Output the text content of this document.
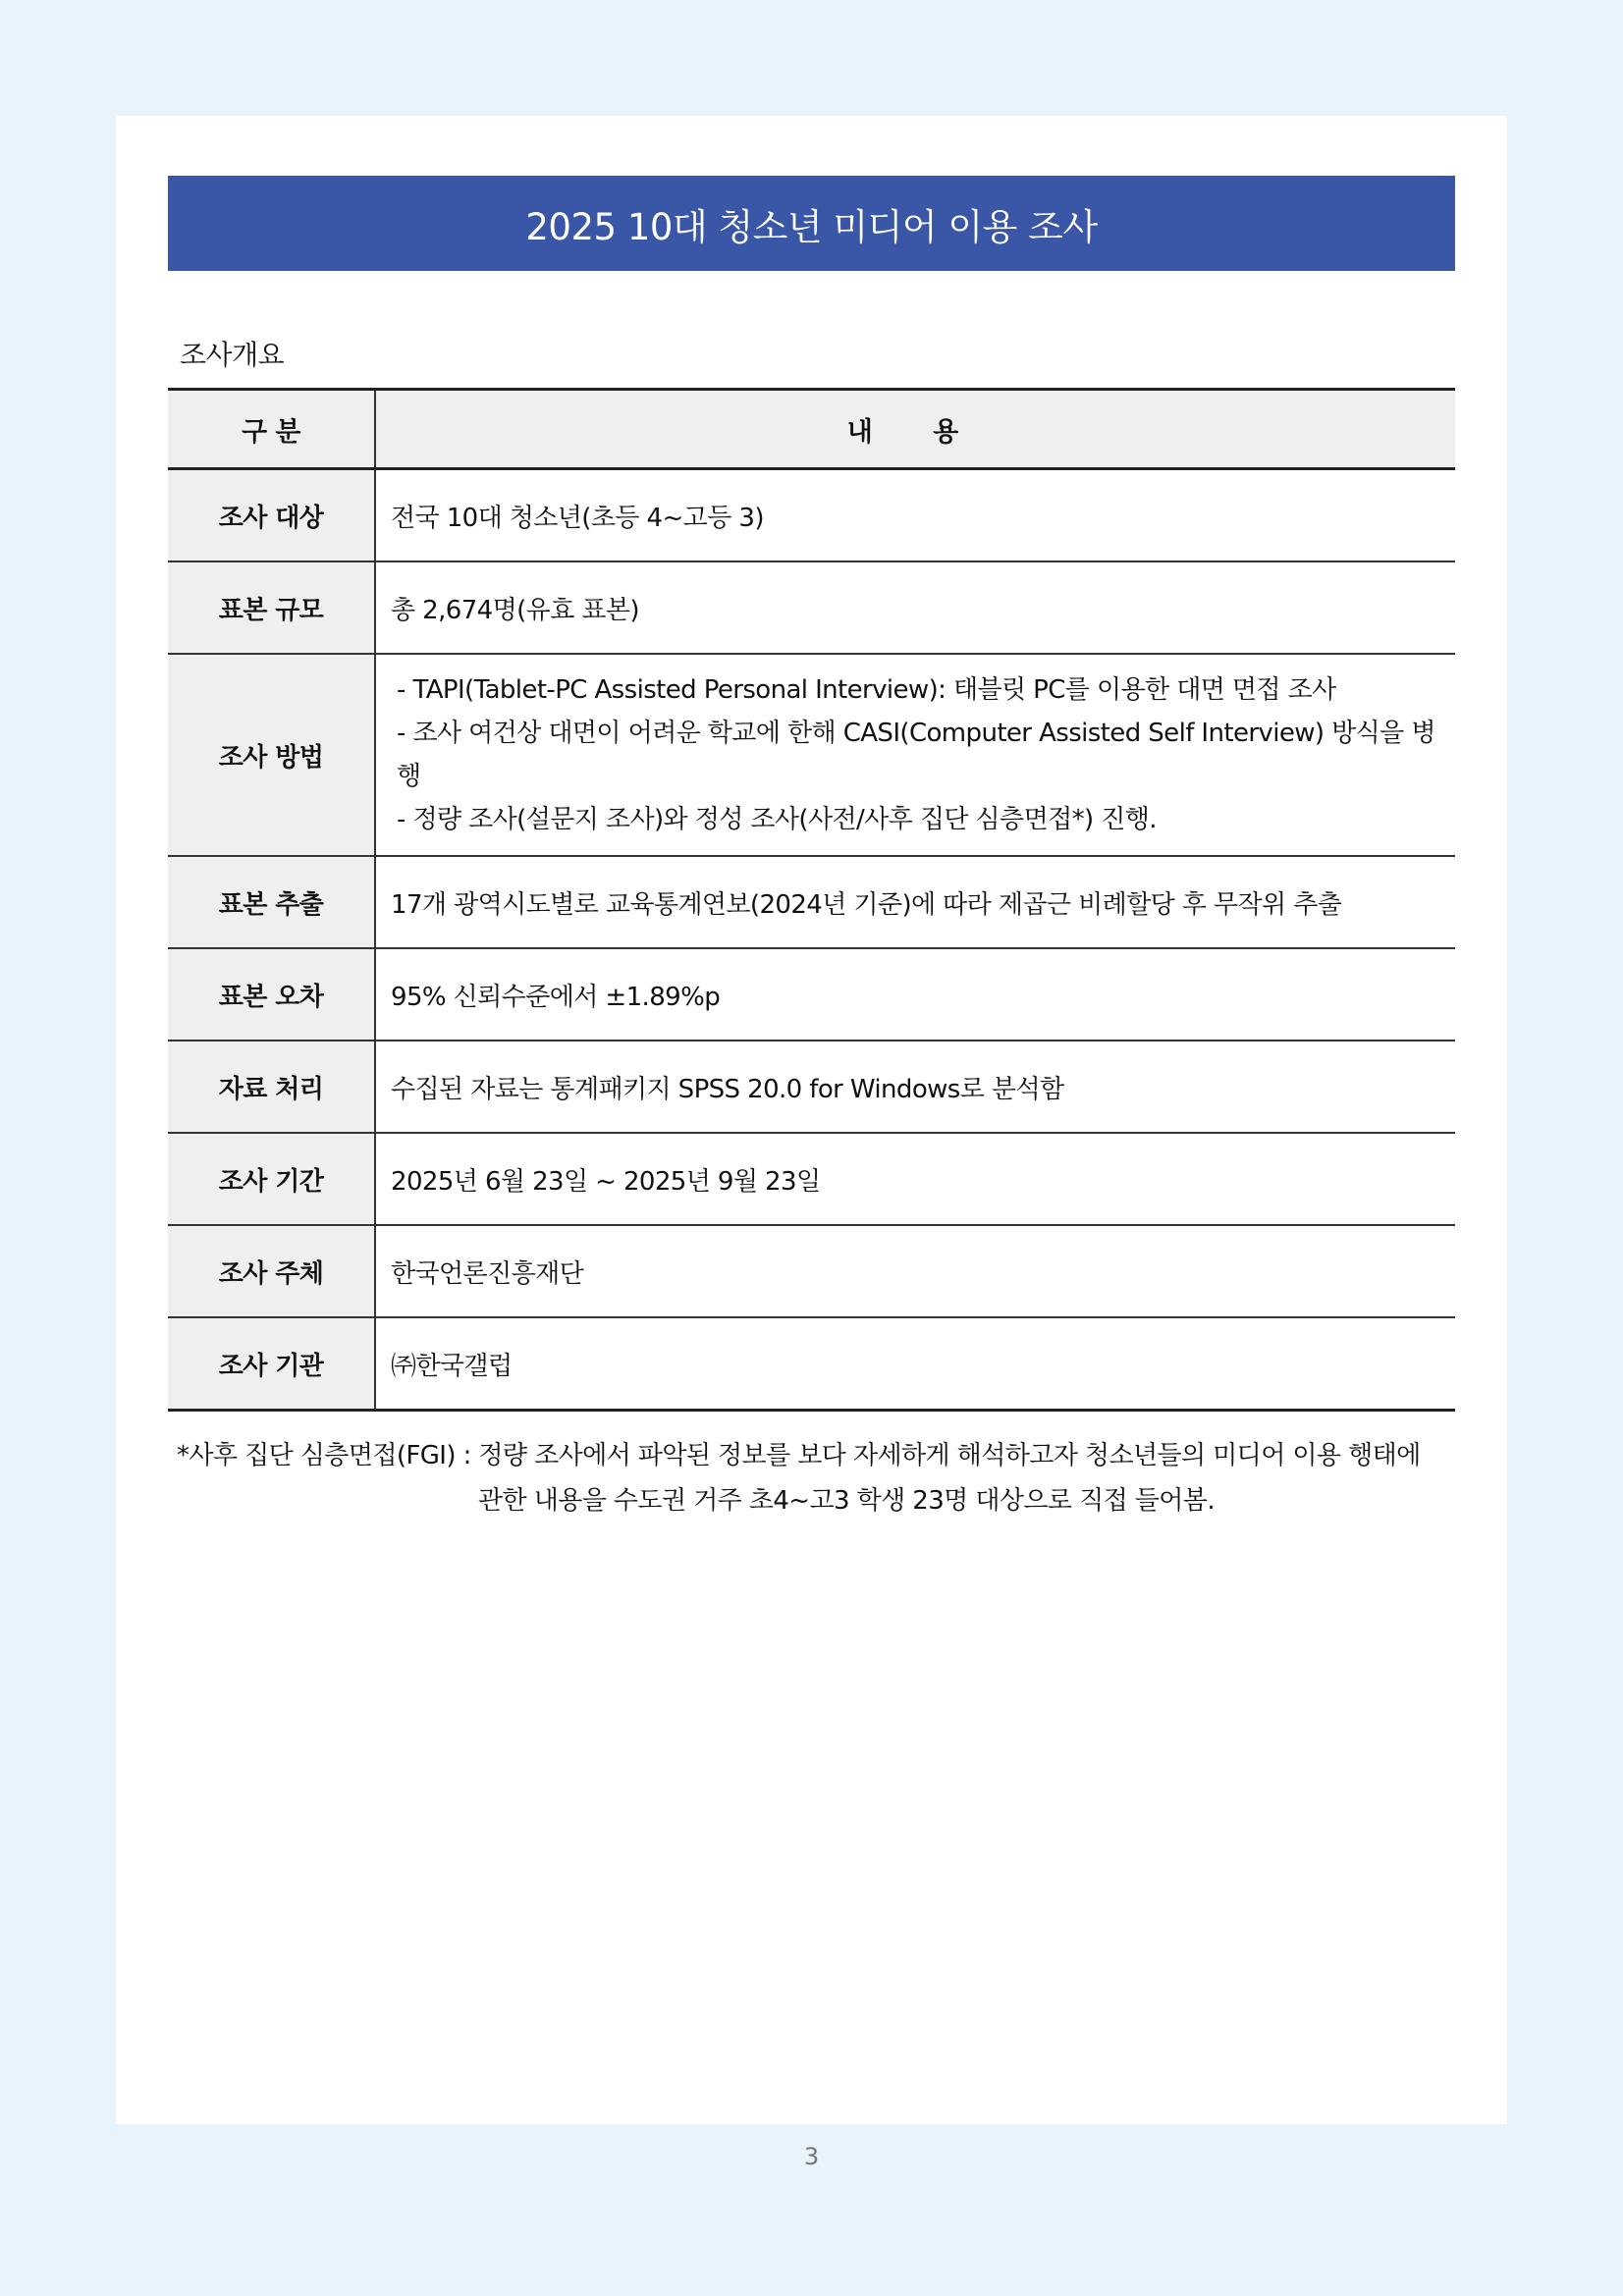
2025 10대 청소년 미디어 이용 조사
조사개요
구 분	내 용
조사 대상	전국 10대 청소년(초등 4~고등 3)
표본 규모	총 2,674명(유효 표본)
조사 방법	- TAPI(Tablet-PC Assisted Personal Interview): 태블릿 PC를 이용한 대면 면접 조사
- 조사 여건상 대면이 어려운 학교에 한해 CASI(Computer Assisted Self Interview) 방식을 병행
- 정량 조사(설문지 조사)와 정성 조사(사전/사후 집단 심층면접*) 진행.

표본 추출	17개 광역시도별로 교육통계연보(2024년 기준)에 따라 제곱근 비례할당 후 무작위 추출
표본 오차	95% 신뢰수준에서 ±1.89%p
자료 처리	수집된 자료는 통계패키지 SPSS 20.0 for Windows로 분석함
조사 기간	2025년 6월 23일 ~ 2025년 9월 23일
조사 주체	한국언론진흥재단
조사 기관	㈜한국갤럽
*사후 집단 심층면접(FGI) : 정량 조사에서 파악된 정보를 보다 자세하게 해석하고자 청소년들의 미디어 이용 행태에
관한 내용을 수도권 거주 초4~고3 학생 23명 대상으로 직접 들어봄.
3
